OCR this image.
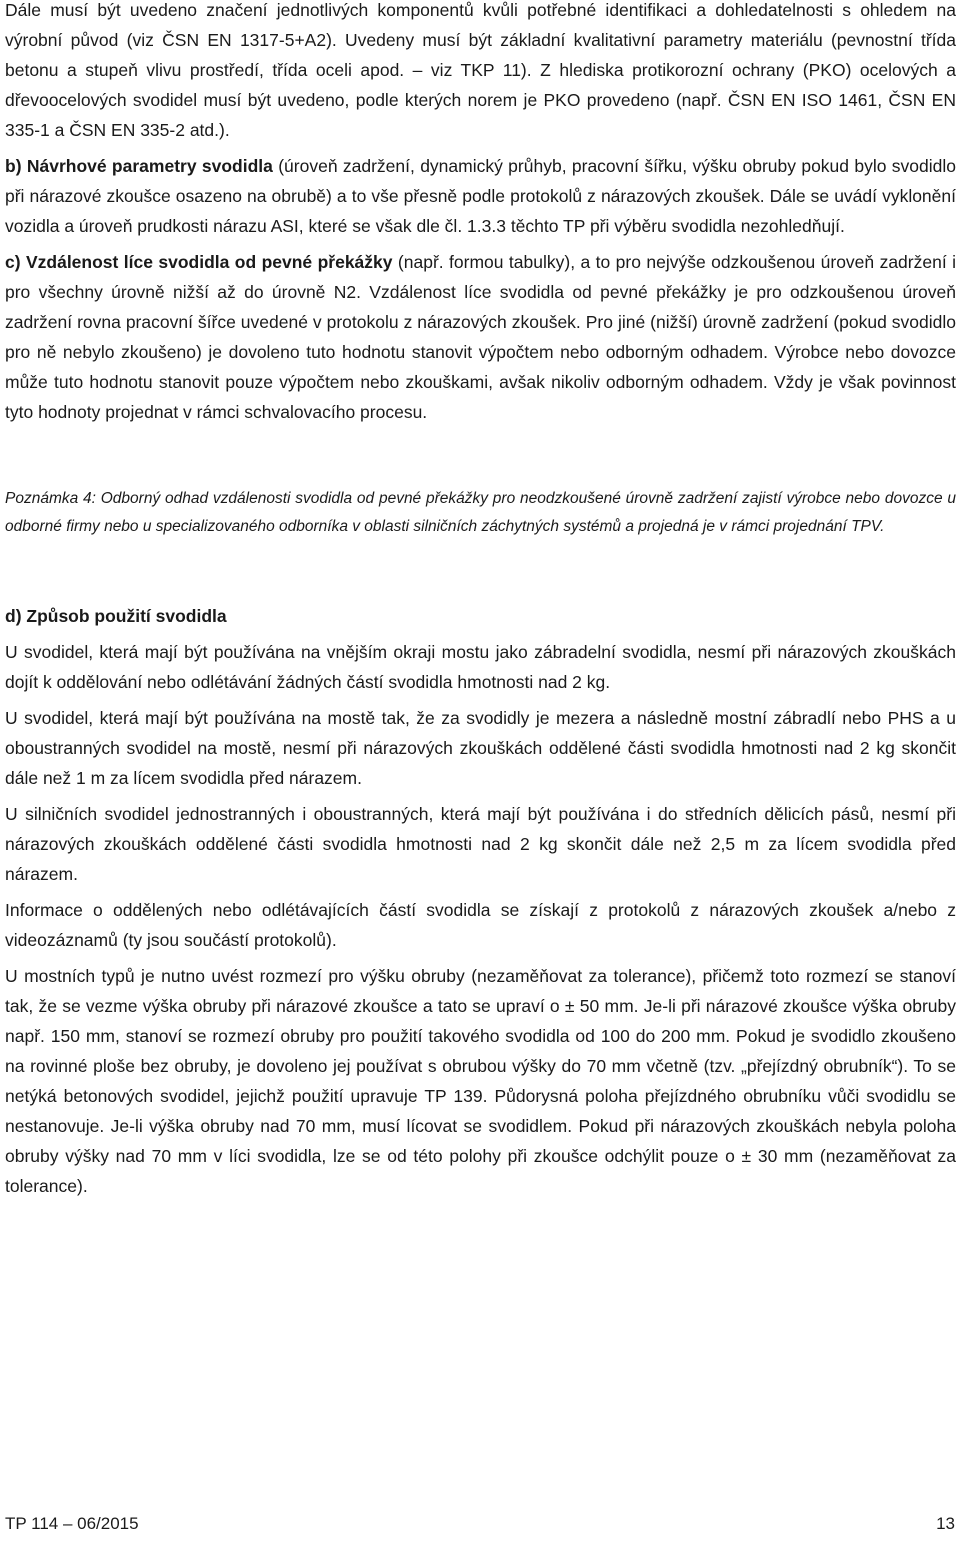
Dále musí být uvedeno značení jednotlivých komponentů kvůli potřebné identifikaci a dohledatelnosti s ohledem na výrobní původ (viz ČSN EN 1317-5+A2). Uvedeny musí být základní kvalitativní parametry materiálu (pevnostní třída betonu a stupeň vlivu prostředí, třída oceli apod. – viz TKP 11). Z hlediska protikorozní ochrany (PKO) ocelových a dřevoocelových svodidel musí být uvedeno, podle kterých norem je PKO provedeno (např. ČSN EN ISO 1461, ČSN EN 335-1 a ČSN EN 335-2 atd.).

b) Návrhové parametry svodidla (úroveň zadržení, dynamický průhyb, pracovní šířku, výšku obruby pokud bylo svodidlo při nárazové zkoušce osazeno na obrubě) a to vše přesně podle protokolů z nárazových zkoušek. Dále se uvádí vyklonění vozidla a úroveň prudkosti nárazu ASI, které se však dle čl. 1.3.3 těchto TP při výběru svodidla nezohledňují.

c) Vzdálenost líce svodidla od pevné překážky (např. formou tabulky), a to pro nejvýše odzkoušenou úroveň zadržení i pro všechny úrovně nižší až do úrovně N2. Vzdálenost líce svodidla od pevné překážky je pro odzkoušenou úroveň zadržení rovna pracovní šířce uvedené v protokolu z nárazových zkoušek. Pro jiné (nižší) úrovně zadržení (pokud svodidlo pro ně nebylo zkoušeno) je dovoleno tuto hodnotu stanovit výpočtem nebo odborným odhadem. Výrobce nebo dovozce může tuto hodnotu stanovit pouze výpočtem nebo zkouškami, avšak nikoliv odborným odhadem. Vždy je však povinnost tyto hodnoty projednat v rámci schvalovacího procesu.

Poznámka 4: Odborný odhad vzdálenosti svodidla od pevné překážky pro neodzkoušené úrovně zadržení zajistí výrobce nebo dovozce u odborné firmy nebo u specializovaného odborníka v oblasti silničních záchytných systémů a projedná je v rámci projednání TPV.

d) Způsob použití svodidla

U svodidel, která mají být používána na vnějším okraji mostu jako zábradelní svodidla, nesmí při nárazových zkouškách dojít k oddělování nebo odlétávání žádných částí svodidla hmotnosti nad 2 kg.

U svodidel, která mají být používána na mostě tak, že za svodidly je mezera a následně mostní zábradlí nebo PHS a u oboustranných svodidel na mostě, nesmí při nárazových zkouškách oddělené části svodidla hmotnosti nad 2 kg skončit dále než 1 m za lícem svodidla před nárazem.

U silničních svodidel jednostranných i oboustranných, která mají být používána i do středních dělicích pásů, nesmí při nárazových zkouškách oddělené části svodidla hmotnosti nad 2 kg skončit dále než 2,5 m za lícem svodidla před nárazem.

Informace o oddělených nebo odlétávajících částí svodidla se získají z protokolů z nárazových zkoušek a/nebo z videozáznamů (ty jsou součástí protokolů).

U mostních typů je nutno uvést rozmezí pro výšku obruby (nezaměňovat za tolerance), přičemž toto rozmezí se stanoví tak, že se vezme výška obruby při nárazové zkoušce a tato se upraví o ± 50 mm. Je-li při nárazové zkoušce výška obruby např. 150 mm, stanoví se rozmezí obruby pro použití takového svodidla od 100 do 200 mm. Pokud je svodidlo zkoušeno na rovinné ploše bez obruby, je dovoleno jej používat s obrubou výšky do 70 mm včetně (tzv. „přejízdný obrubník“). To se netýká betonových svodidel, jejichž použití upravuje TP 139. Půdorysná poloha přejízdného obrubníku vůči svodidlu se nestanovuje. Je-li výška obruby nad 70 mm, musí lícovat se svodidlem. Pokud při nárazových zkouškách nebyla poloha obruby výšky nad 70 mm v líci svodidla, lze se od této polohy při zkoušce odchýlit pouze o ± 30 mm (nezaměňovat za tolerance).

TP 114 – 06/2015	13
